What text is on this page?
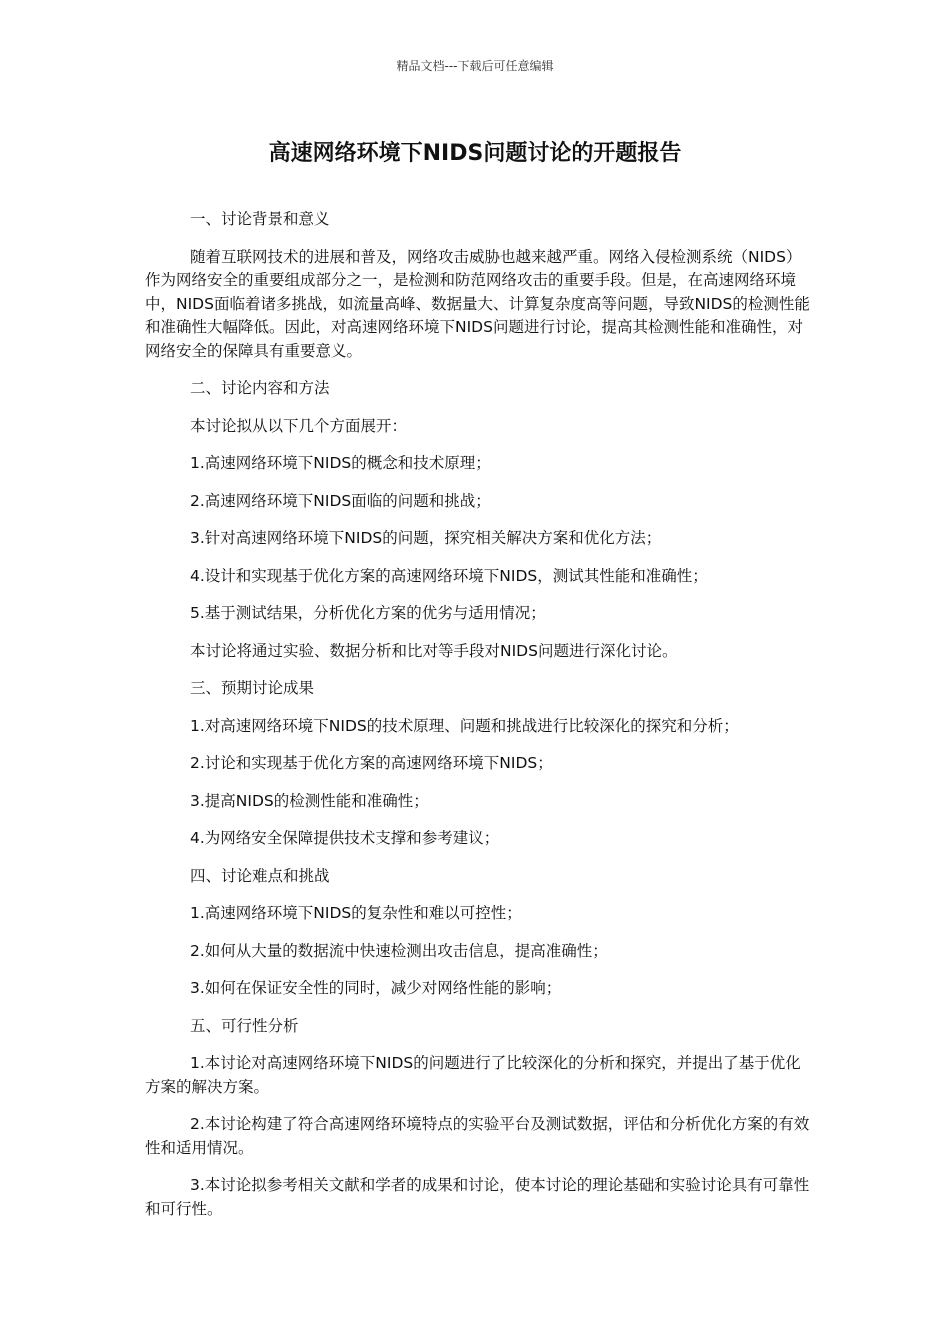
精品文档---下载后可任意编辑
高速网络环境下NIDS问题讨论的开题报告

一、讨论背景和意义

随着互联网技术的进展和普及，网络攻击威胁也越来越严重。网络入侵检测系统（NIDS）作为网络安全的重要组成部分之一，是检测和防范网络攻击的重要手段。但是，在高速网络环境中，NIDS面临着诸多挑战，如流量高峰、数据量大、计算复杂度高等问题，导致NIDS的检测性能和准确性大幅降低。因此，对高速网络环境下NIDS问题进行讨论，提高其检测性能和准确性，对网络安全的保障具有重要意义。

二、讨论内容和方法

本讨论拟从以下几个方面展开：

1.高速网络环境下NIDS的概念和技术原理；

2.高速网络环境下NIDS面临的问题和挑战；

3.针对高速网络环境下NIDS的问题，探究相关解决方案和优化方法；

4.设计和实现基于优化方案的高速网络环境下NIDS，测试其性能和准确性；

5.基于测试结果，分析优化方案的优劣与适用情况；

本讨论将通过实验、数据分析和比对等手段对NIDS问题进行深化讨论。

三、预期讨论成果

1.对高速网络环境下NIDS的技术原理、问题和挑战进行比较深化的探究和分析；

2.讨论和实现基于优化方案的高速网络环境下NIDS；

3.提高NIDS的检测性能和准确性；

4.为网络安全保障提供技术支撑和参考建议；

四、讨论难点和挑战

1.高速网络环境下NIDS的复杂性和难以可控性；

2.如何从大量的数据流中快速检测出攻击信息，提高准确性；

3.如何在保证安全性的同时，减少对网络性能的影响；

五、可行性分析

1.本讨论对高速网络环境下NIDS的问题进行了比较深化的分析和探究，并提出了基于优化方案的解决方案。

2.本讨论构建了符合高速网络环境特点的实验平台及测试数据，评估和分析优化方案的有效性和适用情况。

3.本讨论拟参考相关文献和学者的成果和讨论，使本讨论的理论基础和实验讨论具有可靠性和可行性。
